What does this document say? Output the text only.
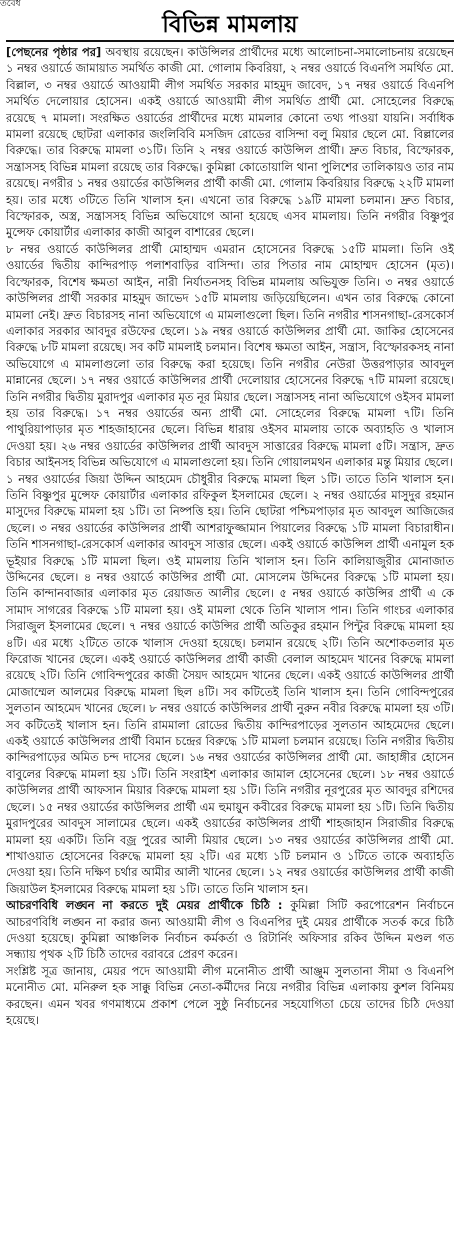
তবৈধ
বিভিন্ন মামলায়

[পেছনের পৃষ্ঠার পর] অবস্থায় রয়েছেন। কাউন্সিলর প্রার্থীদের মধ্যে আলোচনা-সমালোচনায় রয়েছেন ১ নম্বর ওয়ার্ডে জামায়াত সমর্থিত কাজী মো. গোলাম কিবরিয়া, ২ নম্বর ওয়ার্ডে বিএনপি সমর্থিত মো. বিল্লাল, ৩ নম্বর ওয়ার্ডে আওয়ামী লীগ সমর্থিত সরকার মাহমুদ জাবেদ, ১৭ নম্বর ওয়ার্ডে বিএনপি সমর্থিত দেলোয়ার হোসেন। একই ওয়ার্ডে আওয়ামী লীগ সমর্থিত প্রার্থী মো. সোহেলের বিরুদ্ধে রয়েছে ৭ মামলা। সংরক্ষিত ওয়ার্ডের প্রার্থীদের মধ্যে মামলার কোনো তথ্য পাওয়া যায়নি। সর্বাধিক মামলা রয়েছে ছোটরা এলাকার জংলিবিবি মসজিদ রোডের বাসিন্দা বলু মিয়ার ছেলে মো. বিল্লালের বিরুদ্ধে। তার বিরুদ্ধে মামলা ৩১টি। তিনি ২ নম্বর ওয়ার্ডে কাউন্সিল প্রার্থী। দ্রুত বিচার, বিস্ফোরক, সন্ত্রাসসহ বিভিন্ন মামলা রয়েছে তার বিরুদ্ধে। কুমিল্লা কোতোয়ালি থানা পুলিশের তালিকায়ও তার নাম রয়েছে। নগরীর ১ নম্বর ওয়ার্ডের কাউন্সিলর প্রার্থী কাজী মো. গোলাম কিবরিয়ার বিরুদ্ধে ২২টি মামলা হয়। তার মধ্যে ৩টিতে তিনি খালাস হন। এখনো তার বিরুদ্ধে ১৯টি মামলা চলমান। দ্রুত বিচার, বিস্ফোরক, অস্ত্র, সন্ত্রাসসহ বিভিন্ন অভিযোগে আনা হয়েছে এসব মামলায়। তিনি নগরীর বিষ্ণুপুর মুন্সেফ কোয়ার্টার এলাকার কাজী আবুল বাশারের ছেলে।

৮ নম্বর ওয়ার্ডে কাউন্সিলর প্রার্থী মোহাম্মদ এমরান হোসেনের বিরুদ্ধে ১৫টি মামলা। তিনি ওই ওয়ার্ডের দ্বিতীয় কান্দিরপাড় পলাশবাড়ির বাসিন্দা। তার পিতার নাম মোহাম্মদ হোসেন (মৃত)। বিস্ফোরক, বিশেষ ক্ষমতা আইন, নারী নির্যাতনসহ বিভিন্ন মামলায় অভিযুক্ত তিনি। ৩ নম্বর ওয়ার্ডে কাউন্সিলর প্রার্থী সরকার মাহমুদ জাভেদ ১৫টি মামলায় জড়িয়েছিলেন। এখন তার বিরুদ্ধে কোনো মামলা নেই। দ্রুত বিচারসহ নানা অভিযোগে এ মামলাগুলো ছিল। তিনি নগরীর শাসনগাছা-রেসকোর্স এলাকার সরকার আবদুর রউফের ছেলে। ১৯ নম্বর ওয়ার্ডে কাউন্সিলর প্রার্থী মো. জাকির হোসেনের বিরুদ্ধে ৮টি মামলা রয়েছে। সব কটি মামলাই চলমান। বিশেষ ক্ষমতা আইন, সন্ত্রাস, বিস্ফোরকসহ নানা অভিযোগে এ মামলাগুলো তার বিরুদ্ধে করা হয়েছে। তিনি নগরীর নেউরা উত্তরপাড়ার আবদুল মান্নানের ছেলে। ১৭ নম্বর ওয়ার্ডে কাউন্সিলর প্রার্থী দেলোয়ার হোসেনের বিরুদ্ধে ৭টি মামলা রয়েছে। তিনি নগরীর দ্বিতীয় মুরাদপুর এলাকার মৃত নূর মিয়ার ছেলে। সন্ত্রাসসহ নানা অভিযোগে ওইসব মামলা হয় তার বিরুদ্ধে। ১৭ নম্বর ওয়ার্ডের অন্য প্রার্থী মো. সোহেলের বিরুদ্ধে মামলা ৭টি। তিনি পাথুরিয়াপাড়ার মৃত শাহজাহানের ছেলে। বিভিন্ন ধারায় ওইসব মামলায় তাকে অব্যাহতি ও খালাস দেওয়া হয়। ২৬ নম্বর ওয়ার্ডের কাউন্সিলর প্রার্থী আবদুস সাত্তারের বিরুদ্ধে মামলা ৫টি। সন্ত্রাস, দ্রুত বিচার আইনসহ বিভিন্ন অভিযোগে এ মামলাগুলো হয়। তিনি গোয়ালমথন এলাকার মন্তু মিয়ার ছেলে।

১ নম্বর ওয়ার্ডের জিয়া উদ্দিন আহমেদ চৌধুরীর বিরুদ্ধে মামলা ছিল ১টি। তাতে তিনি খালাস হন। তিনি বিষ্ণুপুর মুন্সেফ কোয়ার্টার এলাকার রফিকুল ইসলামের ছেলে। ২ নম্বর ওয়ার্ডের মাসুদুর রহমান মাসুদের বিরুদ্ধে মামলা হয় ১টি। তা নিষ্পত্তি হয়। তিনি ছোটরা পশ্চিমপাড়ার মৃত আবদুল আজিজের ছেলে। ৩ নম্বর ওয়ার্ডের কাউন্সিলর প্রার্থী আশরাফুজ্জামান পিয়ালের বিরুদ্ধে ১টি মামলা বিচারাধীন। তিনি শাসনগাছা-রেসকোর্স এলাকার আবদুস সাত্তার ছেলে। একই ওয়ার্ডে কাউন্সিল প্রার্থী এনামুল হক ভূইয়ার বিরুদ্ধে ১টি মামলা ছিল। ওই মামলায় তিনি খালাস হন। তিনি কালিয়াজুরীর মোনাজাত উদ্দিনের ছেলে। ৪ নম্বর ওয়ার্ডে কাউন্সির প্রার্থী মো. মোসলেম উদ্দিনের বিরুদ্ধে ১টি মামলা হয়। তিনি কান্দানবাজার এলাকার মৃত রেয়াজত আলীর ছেলে। ৫ নম্বর ওয়ার্ডে কাউন্সির প্রার্থী এ কে সামাদ সাগরের বিরুদ্ধে ১টি মামলা হয়। ওই মামলা থেকে তিনি খালাস পান। তিনি গাংচর এলাকার সিরাজুল ইসলামের ছেলে। ৭ নম্বর ওয়ার্ডে কাউন্সির প্রার্থী অতিকুর রহমান পিন্টুর বিরুদ্ধে মামলা হয় ৪টি। এর মধ্যে ২টিতে তাকে খালাস দেওয়া হয়েছে। চলমান রয়েছে ২টি। তিনি অশোকতলার মৃত ফিরোজ খানের ছেলে। একই ওয়ার্ডে কাউন্সিলর প্রার্থী কাজী বেলাল আহমেদ খানের বিরুদ্ধে মামলা রয়েছে ২টি। তিনি গোবিন্দপুরের কাজী সৈয়দ আহমেদ খানের ছেলে। একই ওয়ার্ডে কাউন্সিলর প্রার্থী মোজাম্মেল আলমের বিরুদ্ধে মামলা ছিল ৪টি। সব কটিতেই তিনি খালাস হন। তিনি গোবিন্দপুরের সুলতান আহমেদ খানের ছেলে। ৮ নম্বর ওয়ার্ডে কাউন্সিলর প্রার্থী নুরুন নবীর বিরুদ্ধে মামলা হয় ৩টি। সব কটিতেই খালাস হন। তিনি রামমালা রোডের দ্বিতীয় কান্দিরপাড়ের সুলতান আহমেদের ছেলে। একই ওয়ার্ডে কাউন্সিলর প্রার্থী বিমান চন্দ্রের বিরুদ্ধে ১টি মামলা চলমান রয়েছে। তিনি নগরীর দ্বিতীয় কান্দিরপাড়ের অমিত চন্দ দাসের ছেলে। ১৬ নম্বর ওয়ার্ডের কাউন্সিলর প্রার্থী মো. জাহাঙ্গীর হোসেন বাবুলের বিরুদ্ধে মামলা হয় ১টি। তিনি সংরাইশ এলাকার জামাল হোসেনের ছেলে। ১৮ নম্বর ওয়ার্ডে কাউন্সিলর প্রার্থী আফসান মিয়ার বিরুদ্ধে মামলা হয় ১টি। তিনি নগরীর নূরপুরের মৃত আবদুর রশিদের ছেলে। ১৫ নম্বর ওয়ার্ডের কাউন্সিলর প্রার্থী এম হুমায়ুন কবীরের বিরুদ্ধে মামলা হয় ১টি। তিনি দ্বিতীয় মুরাদপুরের আবদুস সালামের ছেলে। একই ওয়ার্ডের কাউন্সিলর প্রার্থী শাহজাহান সিরাজীর বিরুদ্ধে মামলা হয় একটি। তিনি বজ্র পুরের আলী মিয়ার ছেলে। ১৩ নম্বর ওয়ার্ডের কাউন্সিলর প্রার্থী মো. শাখাওয়াত হোসেনের বিরুদ্ধে মামলা হয় ২টি। এর মধ্যে ১টি চলমান ও ১টিতে তাকে অব্যাহতি দেওয়া হয়। তিনি দক্ষিণ চর্থার আমীর আলী খানের ছেলে। ১২ নম্বর ওয়ার্ডের কাউন্সিলর প্রার্থী কাজী জিয়াউল ইসলামের বিরুদ্ধে মামলা হয় ১টি। তাতে তিনি খালাস হন।

আচরণবিধি লঙ্ঘন না করতে দুই মেয়র প্রার্থীকে চিঠি : কুমিল্লা সিটি করপোরেশন নির্বাচনে আচরণবিধি লঙ্ঘন না করার জন্য আওয়ামী লীগ ও বিএনপির দুই মেয়র প্রার্থীকে সতর্ক করে চিঠি দেওয়া হয়েছে। কুমিল্লা আঞ্চলিক নির্বাচন কর্মকর্তা ও রিটার্নিং অফিসার রকিব উদ্দিন মণ্ডল গত সন্ধ্যায় পৃথক ২টি চিঠি তাদের বরাবরে প্রেরণ করেন।

সংশ্লিষ্ট সূত্র জানায়, মেয়র পদে আওয়ামী লীগ মনোনীত প্রার্থী আঞ্জুম সুলতানা সীমা ও বিএনপি মনোনীত মো. মনিরুল হক সাক্কু বিভিন্ন নেতা-কর্মীদের নিয়ে নগরীর বিভিন্ন এলাকায় কুশল বিনিময় করছেন। এমন খবর গণমাধ্যমে প্রকাশ পেলে সুষ্ঠু নির্বাচনের সহযোগিতা চেয়ে তাদের চিঠি দেওয়া হয়েছে।
